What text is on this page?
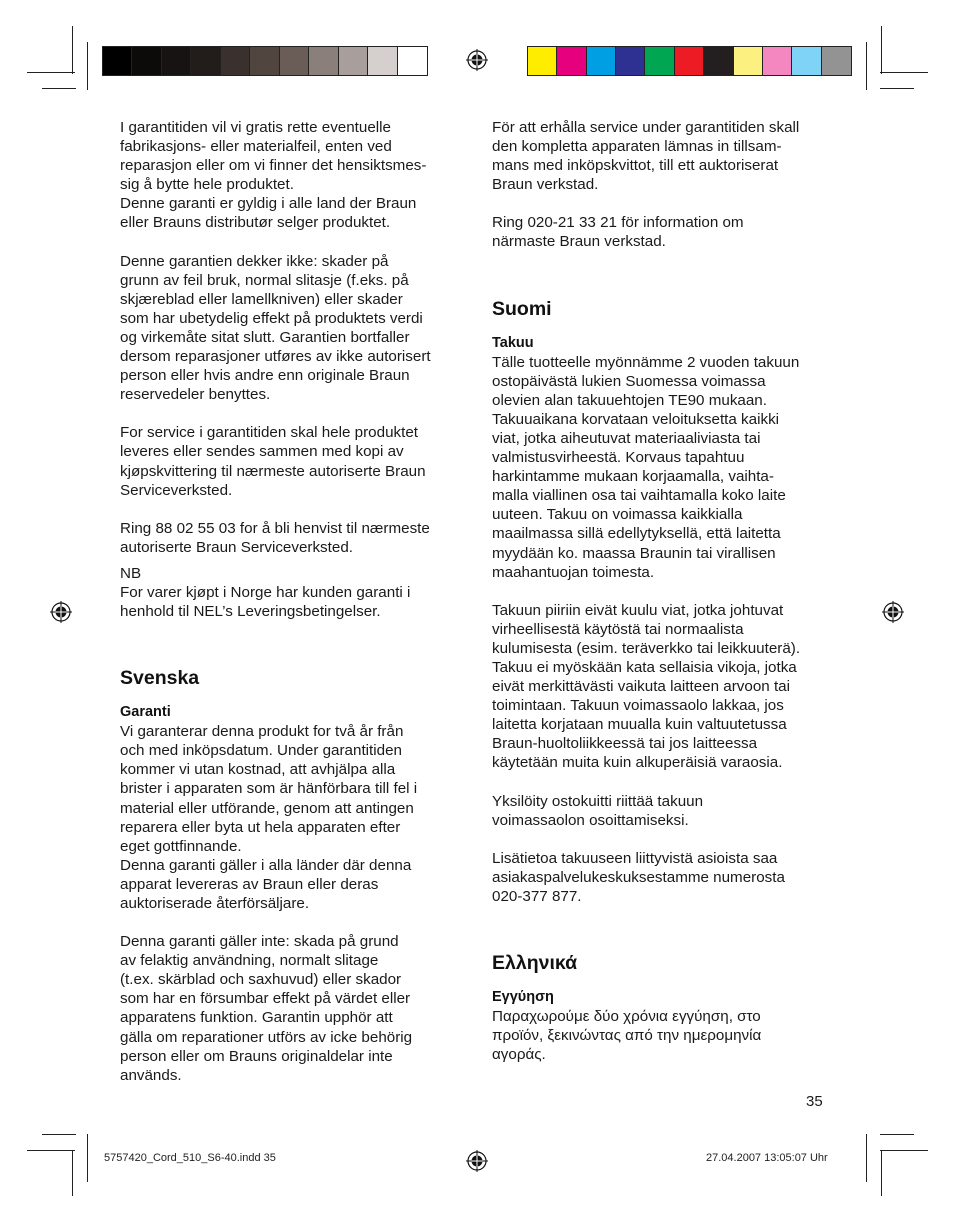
I garantitiden vil vi gratis rette eventuelle
fabrikasjons- eller materialfeil, enten ved
reparasjon eller om vi finner det hensiktsmes-
sig å bytte hele produktet.
Denne garanti er gyldig i alle land der Braun
eller Brauns distributør selger produktet.

Denne garantien dekker ikke: skader på
grunn av feil bruk, normal slitasje (f.eks. på
skjæreblad eller lamellkniven) eller skader
som har ubetydelig effekt på produktets verdi
og virkemåte sitat slutt. Garantien bortfaller
dersom reparasjoner utføres av ikke autorisert
person eller hvis andre enn originale Braun
reservedeler benyttes.

For service i garantitiden skal hele produktet
leveres eller sendes sammen med kopi av
kjøpskvittering til nærmeste autoriserte Braun
Serviceverksted.

Ring 88 02 55 03 for å bli henvist til nærmeste
autoriserte Braun Serviceverksted.

NB
For varer kjøpt i Norge har kunden garanti i
henhold til NEL’s Leveringsbetingelser.

Svenska
Garanti

Vi garanterar denna produkt for två år från
och med inköpsdatum. Under garantitiden
kommer vi utan kostnad, att avhjälpa alla
brister i apparaten som är hänförbara till fel i
material eller utförande, genom att antingen
reparera eller byta ut hela apparaten efter
eget gottfinnande.
Denna garanti gäller i alla länder där denna
apparat levereras av Braun eller deras
auktoriserade återförsäljare.

Denna garanti gäller inte: skada på grund
av felaktig användning, normalt slitage
(t.ex. skärblad och saxhuvud) eller skador
som har en försumbar effekt på värdet eller
apparatens funktion. Garantin upphör att
gälla om reparationer utförs av icke behörig
person eller om Brauns originaldelar inte
används.

För att erhålla service under garantitiden skall
den kompletta apparaten lämnas in tillsam-
mans med inköpskvittot, till ett auktoriserat
Braun verkstad.

Ring 020-21 33 21 för information om
närmaste Braun verkstad.

Suomi
Takuu

Tälle tuotteelle myönnämme 2 vuoden takuun
ostopäivästä lukien Suomessa voimassa
olevien alan takuuehtojen TE90 mukaan.
Takuuaikana korvataan veloituksetta kaikki
viat, jotka aiheutuvat materiaaliviasta tai
valmistusvirheestä. Korvaus tapahtuu
harkintamme mukaan korjaamalla, vaihta-
malla viallinen osa tai vaihtamalla koko laite
uuteen. Takuu on voimassa kaikkialla
maailmassa sillä edellytyksellä, että laitetta
myydään ko. maassa Braunin tai virallisen
maahantuojan toimesta.

Takuun piiriin eivät kuulu viat, jotka johtuvat
virheellisestä käytöstä tai normaalista
kulumisesta (esim. teräverkko tai leikkuuterä).
Takuu ei myöskään kata sellaisia vikoja, jotka
eivät merkittävästi vaikuta laitteen arvoon tai
toimintaan. Takuun voimassaolo lakkaa, jos
laitetta korjataan muualla kuin valtuutetussa
Braun-huoltoliikkeessä tai jos laitteessa
käytetään muita kuin alkuperäisiä varaosia.

Yksilöity ostokuitti riittää takuun
voimassaolon osoittamiseksi.

Lisätietoa takuuseen liittyvistä asioista saa
asiakaspalvelukeskuksestamme numerosta
020-377 877.

Ελληνικά
Εγγύηση

Παραχωρούμε δύο χρόνια εγγύηση, στο
προϊόν, ξεκινώντας από την ημερομηνία
αγοράς.

35
5757420_Cord_510_S6-40.indd 35	27.04.2007 13:05:07 Uhr
